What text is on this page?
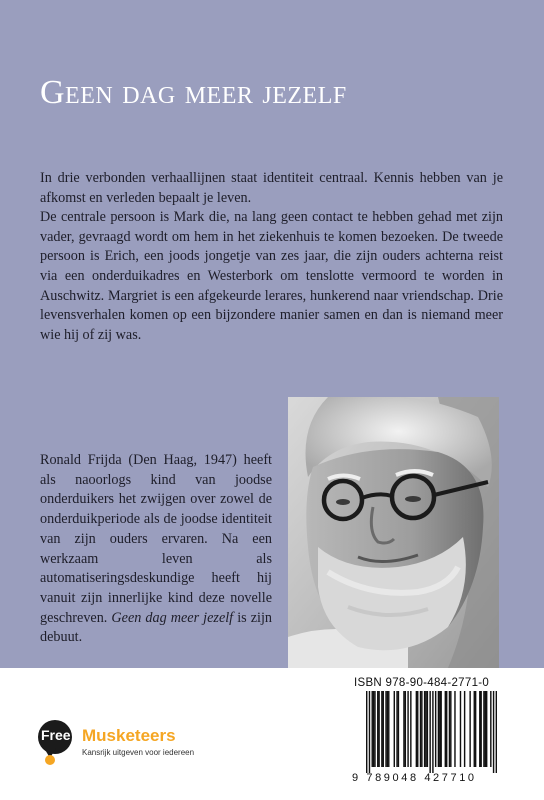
Geen dag meer jezelf

In drie verbonden verhaallijnen staat identiteit centraal. Kennis hebben van je afkomst en verleden bepaalt je leven.

De centrale persoon is Mark die, na lang geen contact te hebben gehad met zijn vader, gevraagd wordt om hem in het ziekenhuis te komen bezoeken. De tweede persoon is Erich, een joods jongetje van zes jaar, die zijn ouders achterna reist via een onderduikadres en Westerbork om tenslotte vermoord te worden in Auschwitz. Margriet is een afgekeurde lerares, hunkerend naar vriendschap. Drie levensverhalen komen op een bijzondere manier samen en dan is niemand meer wie hij of zij was.

Ronald Frijda (Den Haag, 1947) heeft als naoorlogs kind van joodse onderduikers het zwijgen over zowel de onderduikperiode als de joodse identiteit van zijn ouders ervaren. Na een werkzaam leven als automatiseringsdeskundige heeft hij vanuit zijn innerlijke kind deze novelle geschreven. Geen dag meer jezelf is zijn debuut.
Free Musketeers
Kansrijk uitgeven voor iedereen
ISBN 978-90-484-2771-0
9 789048 427710
